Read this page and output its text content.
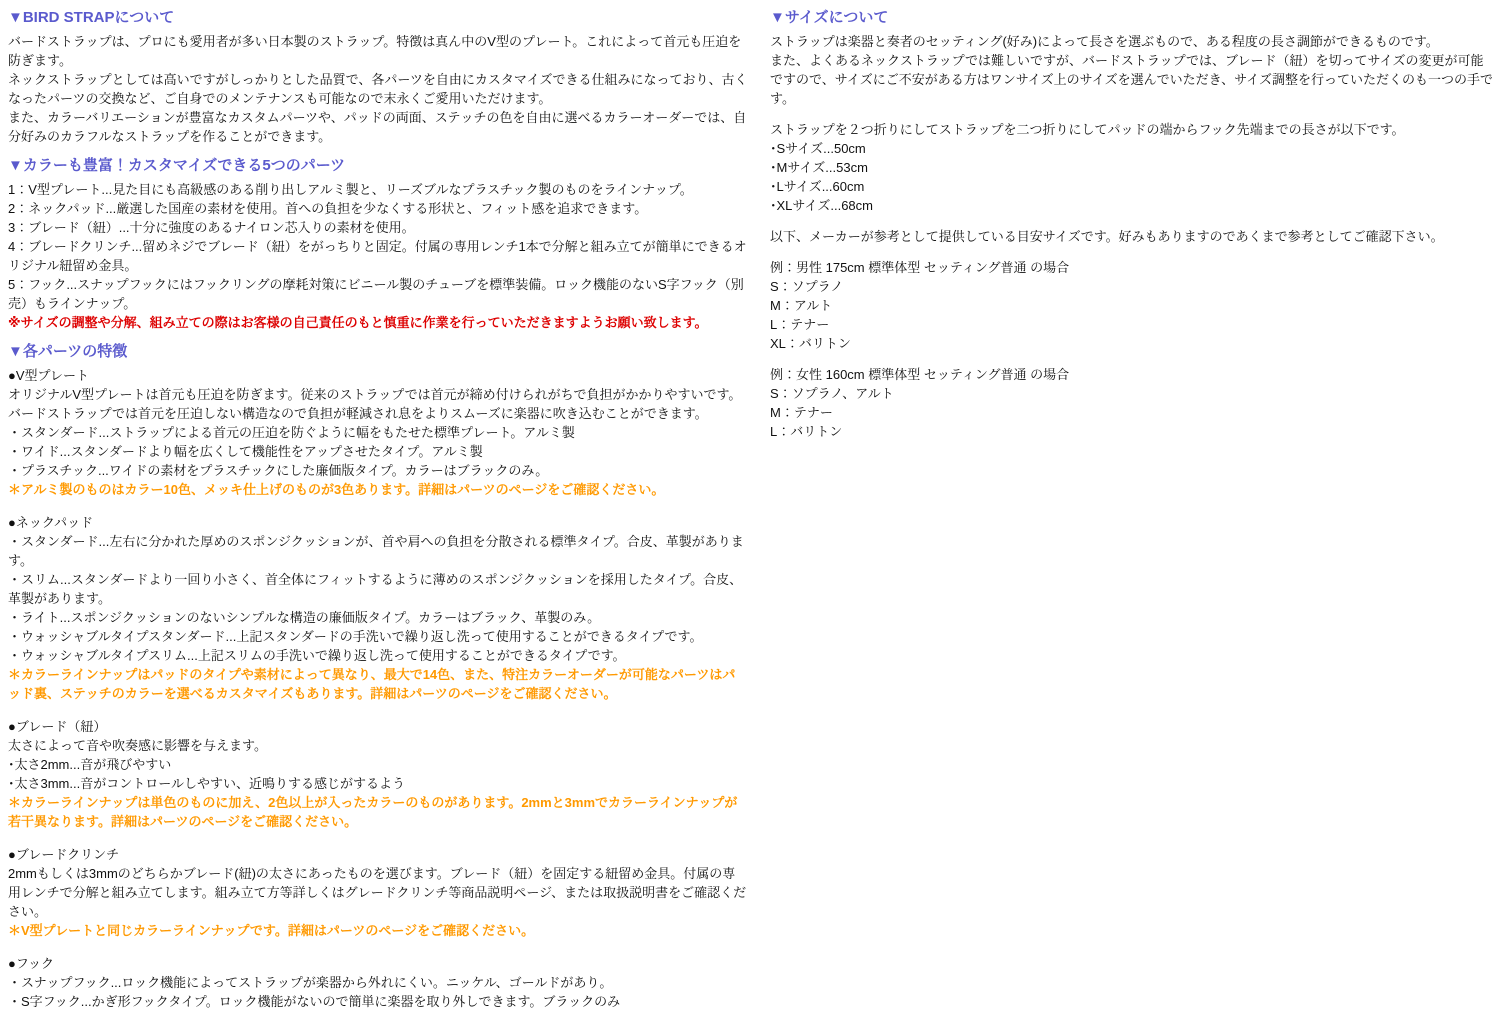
▼BIRD STRAPについて
バードストラップは、プロにも愛用者が多い日本製のストラップ。特徴は真ん中のV型のプレート。これによって首元も圧迫を防ぎます。
ネックストラップとしては高いですがしっかりとした品質で、各パーツを自由にカスタマイズできる仕組みになっており、古くなったパーツの交換など、ご自身でのメンテナンスも可能なので末永くご愛用いただけます。
また、カラーバリエーションが豊富なカスタムパーツや、パッドの両面、ステッチの色を自由に選べるカラーオーダーでは、自分好みのカラフルなストラップを作ることができます。
▼カラーも豊富！カスタマイズできる5つのパーツ
1：V型プレート...見た目にも高級感のある削り出しアルミ製と、リーズブルなプラスチック製のものをラインナップ。
2：ネックパッド...厳選した国産の素材を使用。首への負担を少なくする形状と、フィット感を追求できます。
3：ブレード（紐）...十分に強度のあるナイロン芯入りの素材を使用。
4：ブレードクリンチ...留めネジでブレード（紐）をがっちりと固定。付属の専用レンチ1本で分解と組み立てが簡単にできるオリジナル紐留め金具。
5：フック...スナップフックにはフックリングの摩耗対策にビニール製のチューブを標準装備。ロック機能のないS字フック（別売）もラインナップ。
※サイズの調整や分解、組み立ての際はお客様の自己責任のもと慎重に作業を行っていただきますようお願い致します。
▼各パーツの特徴
●V型プレート
オリジナルV型プレートは首元も圧迫を防ぎます。従来のストラップでは首元が締め付けられがちで負担がかかりやすいです。バードストラップでは首元を圧迫しない構造なので負担が軽減され息をよりスムーズに楽器に吹き込むことができます。
・スタンダード...ストラップによる首元の圧迫を防ぐように幅をもたせた標準プレート。アルミ製
・ワイド...スタンダードより幅を広くして機能性をアップさせたタイプ。アルミ製
・プラスチック...ワイドの素材をプラスチックにした廉価版タイプ。カラーはブラックのみ。
＊アルミ製のものはカラー10色、メッキ仕上げのものが3色あります。詳細はパーツのページをご確認ください。
●ネックパッド
・スタンダード...左右に分かれた厚めのスポンジクッションが、首や肩への負担を分散される標準タイプ。合皮、革製があります。
・スリム...スタンダードより一回り小さく、首全体にフィットするように薄めのスポンジクッションを採用したタイプ。合皮、革製があります。
・ライト...スポンジクッションのないシンプルな構造の廉価版タイプ。カラーはブラック、革製のみ。
・ウォッシャブルタイプスタンダード...上記スタンダードの手洗いで繰り返し洗って使用することができるタイプです。
・ウォッシャブルタイプスリム...上記スリムの手洗いで繰り返し洗って使用することができるタイプです。
＊カラーラインナップはパッドのタイプや素材によって異なり、最大で14色、また、特注カラーオーダーが可能なパーツはパッド裏、ステッチのカラーを選べるカスタマイズもあります。詳細はパーツのページをご確認ください。
●ブレード（紐）
太さによって音や吹奏感に影響を与えます。
･太さ2mm...音が飛びやすい
･太さ3mm...音がコントロールしやすい、近鳴りする感じがするよう
＊カラーラインナップは単色のものに加え、2色以上が入ったカラーのものがあります。2mmと3mmでカラーラインナップが若干異なります。詳細はパーツのページをご確認ください。
●ブレードクリンチ
2mmもしくは3mmのどちらかブレード(紐)の太さにあったものを選びます。ブレード（紐）を固定する紐留め金具。付属の専用レンチで分解と組み立てします。組み立て方等詳しくはグレードクリンチ等商品説明ページ、または取扱説明書をご確認ください。
＊V型プレートと同じカラーラインナップです。詳細はパーツのページをご確認ください。
●フック
・スナップフック...ロック機能によってストラップが楽器から外れにくい。ニッケル、ゴールドがあり。
・S字フック...かぎ形フックタイプ。ロック機能がないので簡単に楽器を取り外しできます。ブラックのみ
▼サイズについて
ストラップは楽器と奏者のセッティング(好み)によって長さを選ぶもので、ある程度の長さ調節ができるものです。
また、よくあるネックストラップでは難しいですが、バードストラップでは、ブレード（紐）を切ってサイズの変更が可能ですので、サイズにご不安がある方はワンサイズ上のサイズを選んでいただき、サイズ調整を行っていただくのも一つの手です。
ストラップを２つ折りにしてストラップを二つ折りにしてパッドの端からフック先端までの長さが以下です。
･Sサイズ...50cm
･Mサイズ...53cm
･Lサイズ...60cm
･XLサイズ...68cm
以下、メーカーが参考として提供している目安サイズです。好みもありますのであくまで参考としてご確認下さい。
例：男性 175cm 標準体型 セッティング普通 の場合
S：ソプラノ
M：アルト
L：テナー
XL：バリトン
例：女性 160cm 標準体型 セッティング普通 の場合
S：ソプラノ、アルト
M：テナー
L：バリトン
